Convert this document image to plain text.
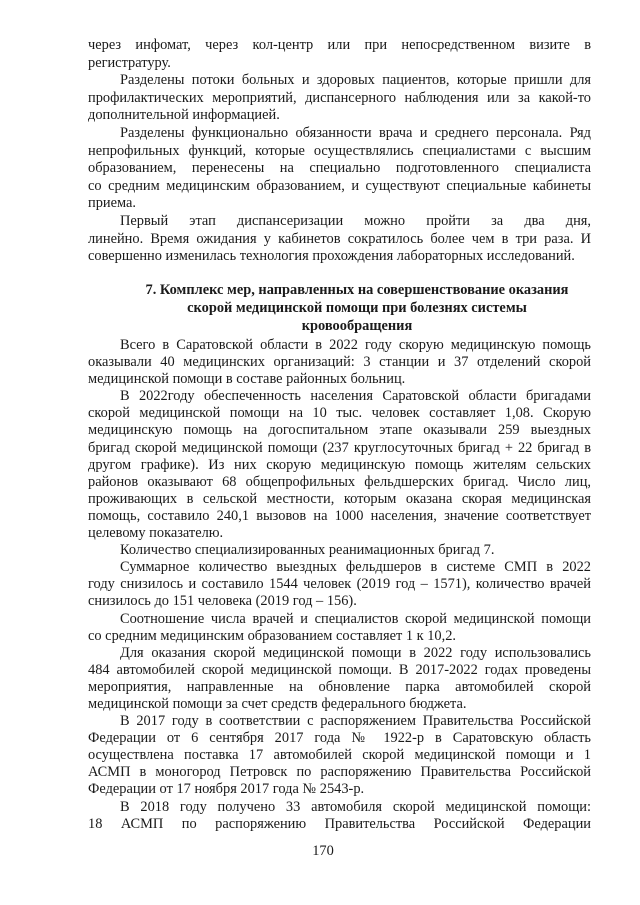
через инфомат, через кол-центр или при непосредственном визите в
регистратуру.
Разделены потоки больных и здоровых пациентов, которые пришли для
профилактических мероприятий, диспансерного наблюдения или за какой-то
дополнительной информацией.
Разделены функционально обязанности врача и среднего персонала. Ряд
непрофильных функций, которые осуществлялись специалистами с высшим
образованием, перенесены на специально подготовленного специалиста
со средним медицинским образованием, и существуют специальные кабинеты
приема.
Первый этап диспансеризации можно пройти за два дня,
линейно. Время ожидания у кабинетов сократилось более чем в три раза. И
совершенно изменилась технология прохождения лабораторных исследований.
7. Комплекс мер, направленных на совершенствование оказания
скорой медицинской помощи при болезнях системы
кровообращения
Всего в Саратовской области в 2022 году скорую медицинскую помощь
оказывали 40 медицинских организаций: 3 станции и 37 отделений скорой
медицинской помощи в составе районных больниц.
В 2022году обеспеченность населения Саратовской области бригадами
скорой медицинской помощи на 10 тыс. человек составляет 1,08. Скорую
медицинскую помощь на догоспитальном этапе оказывали 259 выездных
бригад скорой медицинской помощи (237 круглосуточных бригад + 22 бригад в
другом графике). Из них скорую медицинскую помощь жителям сельских
районов оказывают 68 общепрофильных фельдшерских бригад. Число лиц,
проживающих в сельской местности, которым оказана скорая медицинская
помощь, составило 240,1 вызовов на 1000 населения, значение соответствует
целевому показателю.
Количество специализированных реанимационных бригад 7.
Суммарное количество выездных фельдшеров в системе СМП в 2022
году снизилось и составило 1544 человек (2019 год – 1571), количество врачей
снизилось до 151 человека (2019 год – 156).
Соотношение числа врачей и специалистов скорой медицинской помощи
со средним медицинским образованием составляет 1 к 10,2.
Для оказания скорой медицинской помощи в 2022 году использовались
484 автомобилей скорой медицинской помощи. В 2017-2022 годах проведены
мероприятия, направленные на обновление парка автомобилей скорой
медицинской помощи за счет средств федерального бюджета.
В 2017 году в соответствии с распоряжением Правительства Российской
Федерации от 6 сентября 2017 года № 1922-р в Саратовскую область
осуществлена поставка 17 автомобилей скорой медицинской помощи и 1
АСМП в моногород Петровск по распоряжению Правительства Российской
Федерации от 17 ноября 2017 года № 2543-р.
В 2018 году получено 33 автомобиля скорой медицинской помощи:
18 АСМП по распоряжению Правительства Российской Федерации
170
